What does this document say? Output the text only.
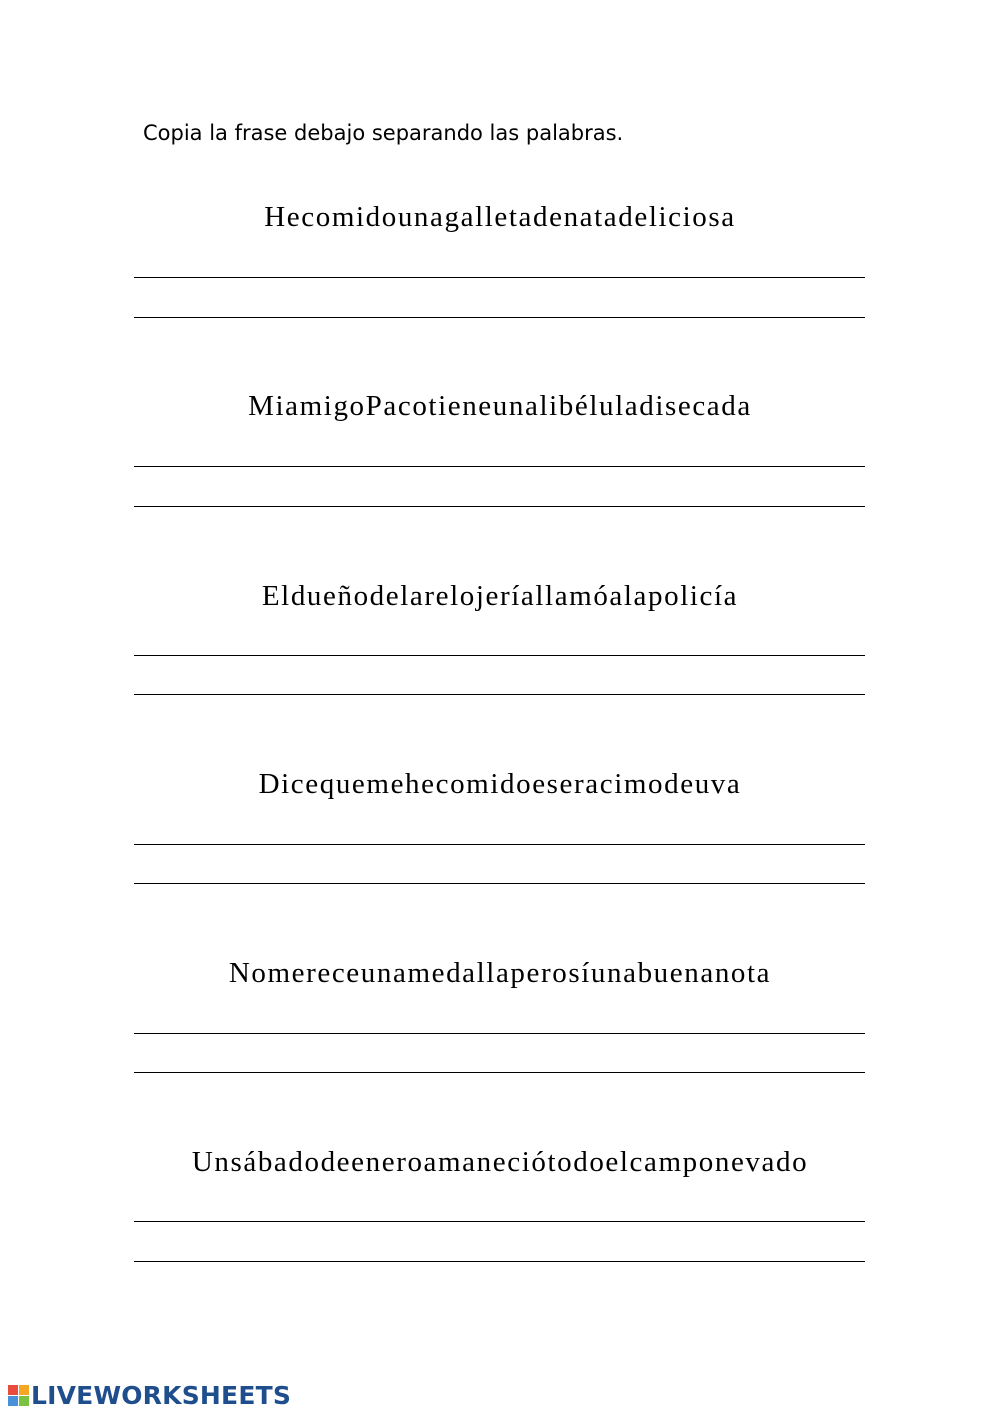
Copia la frase debajo separando las palabras.
Hecomidounagalletadenatadeliciosa
MiamigoPacotieneunalibéluladisecada
Eldueñodelarelojeríallamóalapolicía
Dicequemehecomidoeseracimodeuva
Nomereceunamedallaperosíunabuenanota
Unsábadodeeneroamaneciótodoelcamponevado
LIVEWORKSHEETS
